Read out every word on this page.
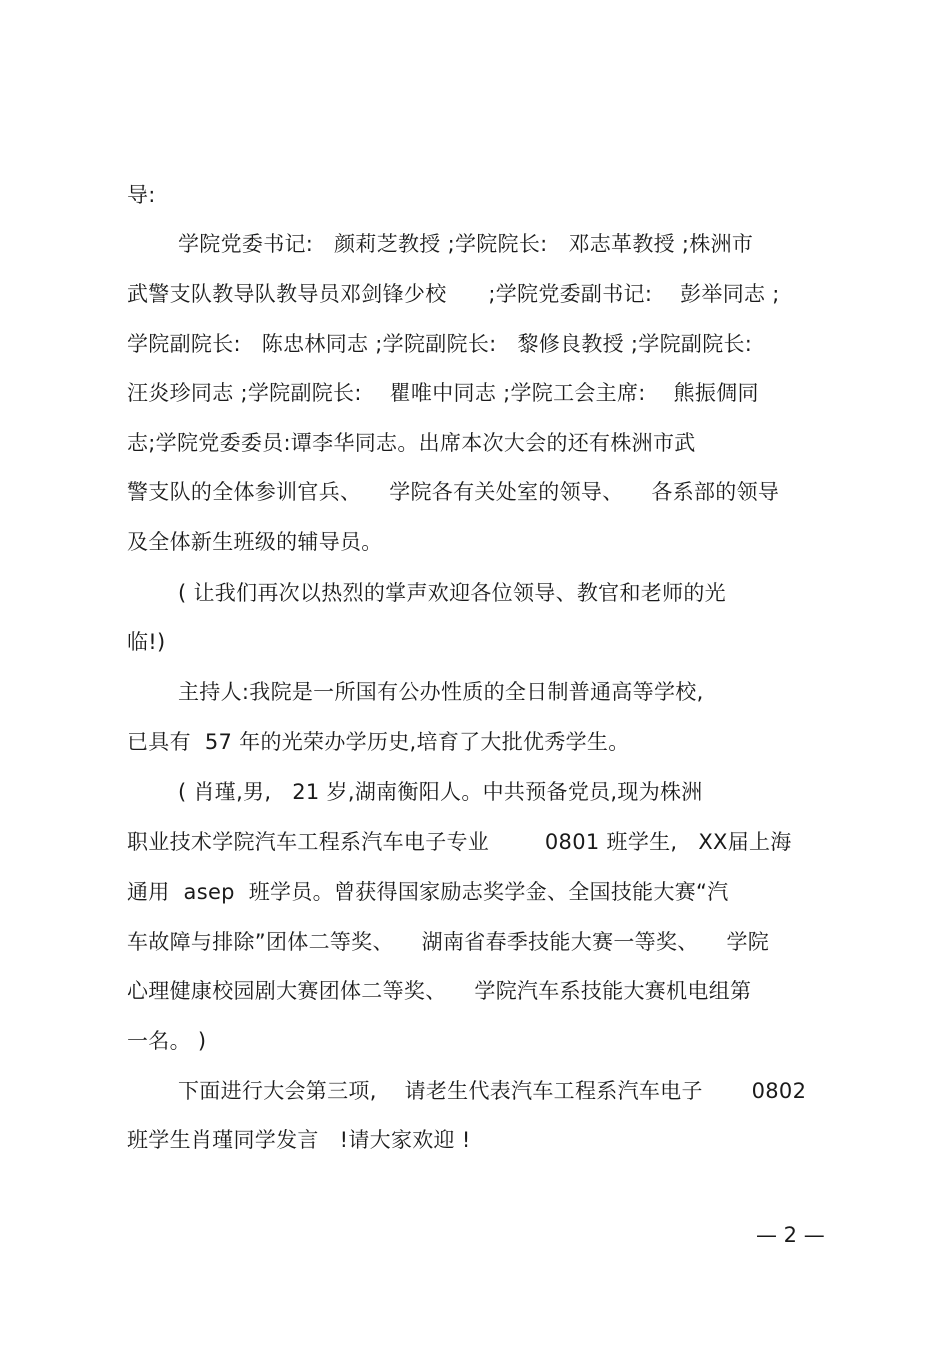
导:
学院党委书记:   颜莉芝教授 ;学院院长:   邓志革教授 ;株洲市
武警支队教导队教导员邓剑锋少校      ;学院党委副书记:    彭举同志 ;
学院副院长:   陈忠林同志 ;学院副院长:   黎修良教授 ;学院副院长:
汪炎珍同志 ;学院副院长:    瞿唯中同志 ;学院工会主席:    熊振倜同
志;学院党委委员:谭李华同志。出席本次大会的还有株洲市武
警支队的全体参训官兵、    学院各有关处室的领导、    各系部的领导
及全体新生班级的辅导员。
( 让我们再次以热烈的掌声欢迎各位领导、教官和老师的光
临!)
主持人:我院是一所国有公办性质的全日制普通高等学校,
已具有  57 年的光荣办学历史,培育了大批优秀学生。
( 肖瑾,男,   21 岁,湖南衡阳人。中共预备党员,现为株洲
职业技术学院汽车工程系汽车电子专业        0801 班学生,   XX届上海
通用  asep  班学员。曾获得国家励志奖学金、全国技能大赛“汽
车故障与排除”团体二等奖、    湖南省春季技能大赛一等奖、    学院
心理健康校园剧大赛团体二等奖、    学院汽车系技能大赛机电组第
一名。 )
下面进行大会第三项,    请老生代表汽车工程系汽车电子       0802
班学生肖瑾同学发言   !请大家欢迎 !
— 2 —
